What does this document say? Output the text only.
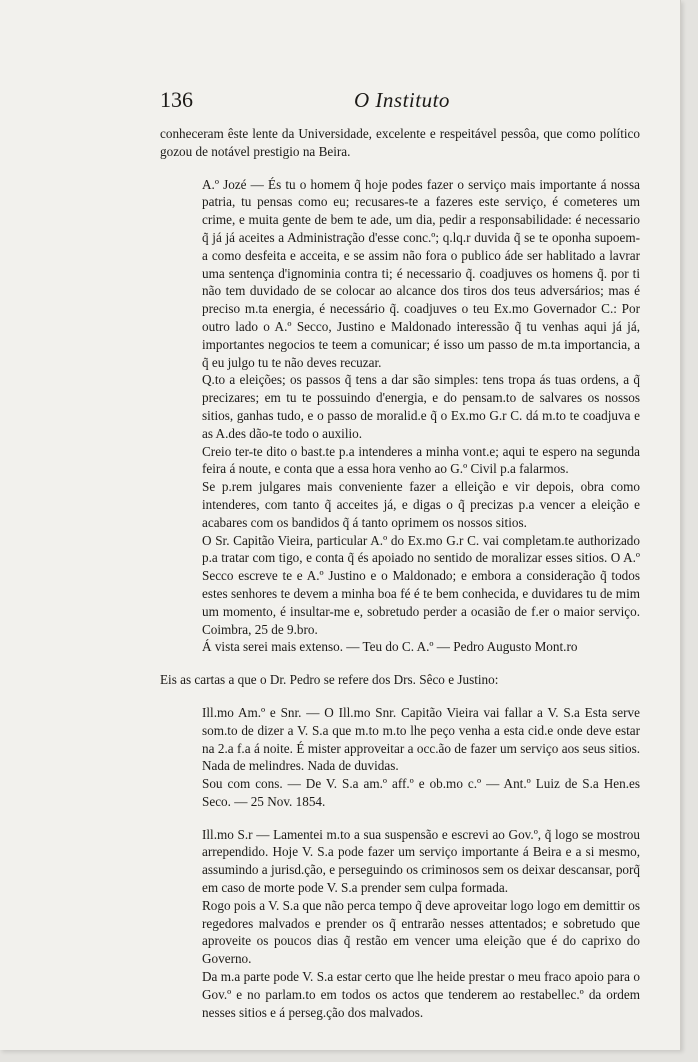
136	O Instituto

conheceram êste lente da Universidade, excelente e respeitável pessôa, que como político gozou de notável prestigio na Beira.

A.º Jozé — És tu o homem q̃ hoje podes fazer o serviço mais importante á nossa patria, tu pensas como eu; recusares-te a fazeres este serviço, é cometeres um crime, e muita gente de bem te ade, um dia, pedir a responsabilidade: é necessario q̃ já já aceites a Administração d'esse conc.º; q.lq.r duvida q̃ se te oponha supoem-a como desfeita e acceita, e se assim não fora o publico áde ser hablitado a lavrar uma sentença d'ignominia contra ti; é necessario q̃. coadjuves os homens q̃. por ti não tem duvidado de se colocar ao alcance dos tiros dos teus adversários; mas é preciso m.ta energia, é necessário q̃. coadjuves o teu Ex.mo Governador C.: Por outro lado o A.º Secco, Justino e Maldonado interessão q̃ tu venhas aqui já já, importantes negocios te teem a comunicar; é isso um passo de m.ta importancia, a q̃ eu julgo tu te não deves recuzar.

Q.to a eleições; os passos q̃ tens a dar são simples: tens tropa ás tuas ordens, a q̃ precizares; em tu te possuindo d'energia, e do pensam.to de salvares os nossos sitios, ganhas tudo, e o passo de moralid.e q̃ o Ex.mo G.r C. dá m.to te coadjuva e as A.des dão-te todo o auxilio.

Creio ter-te dito o bast.te p.a intenderes a minha vont.e; aqui te espero na segunda feira á noute, e conta que a essa hora venho ao G.º Civil p.a falarmos.

Se p.rem julgares mais conveniente fazer a elleição e vir depois, obra como intenderes, com tanto q̃ acceites já, e digas o q̃ precizas p.a vencer a eleição e acabares com os bandidos q̃ á tanto oprimem os nossos sitios.

O Sr. Capitão Vieira, particular A.º do Ex.mo G.r C. vai completam.te authorizado p.a tratar com tigo, e conta q̃ és apoiado no sentido de moralizar esses sitios. O A.º Secco escreve te e A.º Justino e o Maldonado; e embora a consideração q̃ todos estes senhores te devem a minha boa fé é te bem conhecida, e duvidares tu de mim um momento, é insultar-me e, sobretudo perder a ocasião de f.er o maior serviço. Coimbra, 25 de 9.bro.

Á vista serei mais extenso. — Teu do C. A.º — Pedro Augusto Mont.ro

Eis as cartas a que o Dr. Pedro se refere dos Drs. Sêco e Justino:

Ill.mo Am.º e Snr. — O Ill.mo Snr. Capitão Vieira vai fallar a V. S.a Esta serve som.to de dizer a V. S.a que m.to m.to lhe peço venha a esta cid.e onde deve estar na 2.a f.a á noite. É mister approveitar a occ.ão de fazer um serviço aos seus sitios. Nada de melindres. Nada de duvidas.

Sou com cons. — De V. S.a am.º aff.º e ob.mo c.º — Ant.º Luiz de S.a Hen.es Seco. — 25 Nov. 1854.

Ill.mo S.r — Lamentei m.to a sua suspensão e escrevi ao Gov.º, q̃ logo se mostrou arrependido. Hoje V. S.a pode fazer um serviço importante á Beira e a si mesmo, assumindo a jurisd.ção, e perseguindo os criminosos sem os deixar descansar, porq̃ em caso de morte pode V. S.a prender sem culpa formada.

Rogo pois a V. S.a que não perca tempo q̃ deve aproveitar logo logo em demittir os regedores malvados e prender os q̃ entrarão nesses attentados; e sobretudo que aproveite os poucos dias q̃ restão em vencer uma eleição que é do caprixo do Governo.

Da m.a parte pode V. S.a estar certo que lhe heide prestar o meu fraco apoio para o Gov.º e no parlam.to em todos os actos que tenderem ao restabellec.º da ordem nesses sitios e á perseg.ção dos malvados.
